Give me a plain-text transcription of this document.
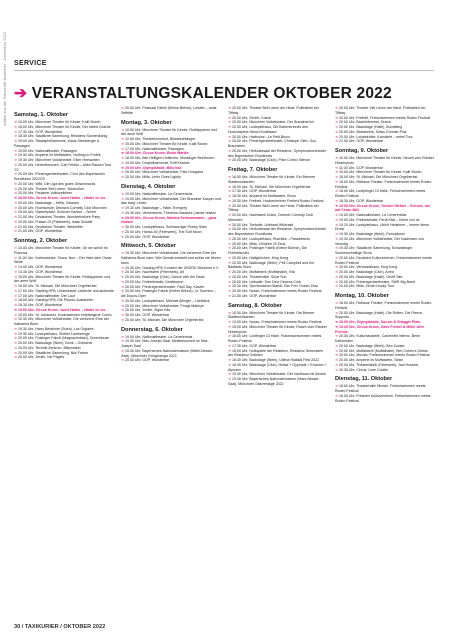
Artikel aus der Zeitschrift Taxikurier - Dezember 2022	SERVICE
➔ VERANSTALTUNGSKALENDER OKTOBER 2022
Samstag, 1. Oktober
➔ 10.00 Uhr, Münchner Theater für Kinder, Kalif Storch
➔ 15.00 Uhr, Münchner Theater für Kinder, Der kleine Drache
➔ 17.30 Uhr, GOP, Wunderbar
➔ 18.30 Uhr, Staatliche Sammlung, Residenz Sonnenkönig
➔ 19.00 Uhr, Staatsphilharmonie, Klaus Steinberger & Passagen
➔ 19.00 Uhr, Nationaltheater, Passagen
➔ 19.30 Uhr, Amperie im Muffatwerk, Nothing to Forfeit
➔ 19.30 Uhr, Münchner Volkstheater, Eiker Heesamen
➔ 20.00 Uhr, Herbstbrunnen, Carl Febbio – Alles Rausch Tour '22
➔ 20.00 Uhr, Prinzregententheater, Chor des Bayerischen Rundfunks 2022/23
➔ 20.00 Uhr, Wild, Die Liga des guten Geschmacks
➔ 20.00 Uhr, Theater Bell Lemm: Schmoßen
➔ 20.00 Uhr, Paulaner Volkszeltchen
➔ 20.00 Uhr, Circus Krone, Josef Hader – Hader on Ice
➔ 20.00 Uhr, Backstage – Hella, Glossen
➔ 20.00 Uhr, Hochschule, Deutsch-Cornelly Club München
➔ 20.00 Uhr, Gärtnerplatz, Schöner Kanton – Schrei
➔ 21.00 Uhr, Deutsches Theater, Wonderfunkleir Party
➔ 19.00 Uhr, Prasso 23 (Platzwerk), Isaar Schalle
➔ 21.00 Uhr, Deutsches Theater, Wedekfler
➔ 21.00 Uhr, GOP, Wunderbar
Sonntag, 2. Oktober
➔ 10.00 Uhr, Münchner Theater für Kinder, Ob wir schön ist Pranova
➔ 11.00 Uhr, Vorlesestube, Tosca: Nun – Der Hant dem Oscar Wilde
➔ 14.00 Uhr, GOP, Wunderbar
➔ 14.30 Uhr, GOP, Wunderbar
➔ 15.00 Uhr, Münchner Theater für Kinder, Rotkäppchen und der arme Wolf
➔ 16.00 Uhr, St. Michael, Die Münchner Orgelherbst
➔ 17.00 Uhr, Gasteig HP8, Lindenstadt: Liebliche und lachende
➔ 17.00 Uhr, Nationaltheater, Der Lauf
➔ 18.00 Uhr, Gasteig HP8, Die Piccolo-Ausfahrten
➔ 18.30 Uhr, GOP, Wunderbar
➔ 19.00 Uhr, Circus Krone, Josef Hader – Hader on Ice
➔ 19.00 Uhr, St. Johannes, Kontrasensen empfangene Comic
➔ 19.30 Uhr, Münchner Volkstheater, Die verlorene Ehre der Katharina Blum
➔ 19.30 Uhr, Harry Belafonte (Sutra), Los Orgiales
➔ 19.30 Uhr, Lustspielhaus, Sheller Lamberinge
➔ 20.00 Uhr, Postinger Fabrik (Magnanimitaet), Greenhouse
➔ 20.00 Uhr, Backstage (Werk), Bonk – Gotischer
➔ 20.00 Uhr, Technik Zentrum, Bilkenstein
➔ 20.00 Uhr, Staatliche Sammlung, Nils Frahm
➔ 20.00 Uhr, Zenith, Nic Pagels
➔ 20.00 Uhr, Postsaal Fabrik (Kleine Bühne), Lufsiter – ande Selfritte
Montag, 3. Oktober
➔ 10.00 Uhr, Münchner Theater für Kinder, Rotkäppchen und der arme Wolf
➔ 12.00 Uhr, Theaterinnenhof, Billardschlaeger
➔ 15.00 Uhr, Münchner Theater für Kinder, Kalif Storch
➔ 17.00 Uhr, Nationaltheater, Passagen
➔ 18.00 Uhr, Circus Krone, Bodo Wartke
➔ 18.00 Uhr, Alte Heiligen-Hofkirche, Mossinger Beethoven
➔ 19.00 Uhr, Dorphilharmonie, Eriff Köstner
➔ 20.00 Uhr, Olympiahalle, Billy Idol
➔ 20.00 Uhr, Münchner Volkstheater, Fats Hoagcine
➔ 20.00 Uhr, Milla, Levin Goes Lightly
Dienstag, 4. Oktober
➔ 19.00 Uhr, Nationaltheater, La Cenerentola
➔ 19.00 Uhr, Münchner Volkstheater, Der Brandner Kasper und das ewig' Leben
➔ 19.30 Uhr, Backstage – Halle, Evergrey
➔ 19.30 Uhr, Vereinsheim, Theresia Sastarez (Jamer realize
➔ 20.00 Uhr, Circus Krone, Martina Schwarzmann – ganz einfach
➔ 20.00 Uhr, Lustspielhaus, Schwarzriger Poetry Slam
➔ 20.00 Uhr, Hansa 39 (Feierwerk), The Soft Moon
➔ 20.00 Uhr, GOP, Wunderbar
Mittwoch, 5. Oktober
➔ 19.30 Uhr, Münchner Volkstheater, Die verlorene Ehre der Katharina Blum oder: Wie Gewalt entsteht und wohin sie führen kann
➔ 19.30 Uhr, Gasteig HP8, Konzert der GEDOK München e.V.
➔ 20.00 Uhr, Nachtwerk (Feierwerk), Alt
➔ 20.00 Uhr, Backstage (Club), Dance with the Dead
➔ 20.00 Uhr, Freiheitshalle, Deaflaveon
➔ 20.00 Uhr, Prinzregententheater, Fazil Say, Klavier
➔ 20.00 Uhr, Postinger Fabrik (Kleine Bühne), Le Tourneur – die Dopos-Oper
➔ 20.00 Uhr, Lustspielhaus, Michael Altinger – Lichtblick
➔ 20.00 Uhr, Münchner Volkstheater, Pongs Makeye
➔ 20.00 Uhr, Zenith, Sigue Kits
➔ 20.00 Uhr, GOP, Wunderbar
➔ 20.00 Uhr, St. Michael, Die Münchner Orgelherbst
Donnerstag, 6. Oktober
➔ 19.00 Uhr, Nationaltheater, La Cenerentola
➔ 19.30 Uhr, Max-Joseph-Saal, Meisterkonzert im Max-Joseph-Saal
➔ 19.30 Uhr, Bayerisches Nationalmuseum (Mittel-Nessel-Saal), Münchner Gringoranga 2022
➔ 20.00 Uhr, GOP, Wunderbar
➔ 20.00 Uhr, Theater Bell Lemm am Hetzt, Politrabish bei Tiffany
➔ 20.00 Uhr, Zenith, Dueck
➔ 20.00 Uhr, Münchner Volkstheater, Der Brandnerhof
➔ 20.00 Uhr, Lustspielhaus, Die Babenerinnes des Hochstaplers Heinzi Kudbisard
➔ 20.00 Uhr, Harbouse, „Le Petit Bisou
➔ 20.00 Uhr, Prinzregententheater, Christoph Sieh, Guy Braunstein
➔ 20.00 Uhr, Herkulessaal der Residenz, Symphonieorchester des Bayerischen Rundfunks
➔ 20.00 Uhr, Backstage (Club), Pixie Corino Silence
Freitag, 7. Oktober
➔ 16.00 Uhr, Münchner Theater für Kinder, Ein Brenner Stadtmusikanten
➔ 16.00 Uhr, St. Michael, Die Münchner Orgelherbst
➔ 17.30 Uhr, GOP, Wunderbar
➔ 18.30 Uhr, Amperie im Muffatwerk, Bona
➔ 19.30 Uhr, Freiheit, Hockenheimer Freiheit Rodeo Festival
➔ 20.00 Uhr, Theater Bell Lemm am Hetzt, Politrabish bei Tiffany
➔ 20.00 Uhr, Nachtwerk Kultur, Doeboh Comedy Club München
➔ 20.00 Uhr, Tonhalle, Lillebard Whitcastl
➔ 20.00 Uhr, Herkulessaal der Residenz, Symphonieorchester des Bayerischen Rundfunks
➔ 20.00 Uhr, Lustspielhaus, Ruenliks – Paradiesmix
➔ 20.00 Uhr, Milla, Children Of Zeus
➔ 20.00 Uhr, Postinger Fabrik (Kleine Bühne), Die Freiheitsrufer
➔ 20.00 Uhr, Haltigkirchen, King Kong
➔ 20.00 Uhr, Backstage (Werk), Phil Campbell and the Bastards Sons
➔ 20.00 Uhr, Muffatwerk (Muffathalle), Elsi
➔ 20.00 Uhr, Theaterhalle, Solar Sun
➔ 20.00 Uhr, Lüttsalle, Tom Devi Cinema Club
➔ 20.30 Uhr, Sportmuseum Mandl, Dev Frei: Doesn Zeal
➔ 20.30 Uhr, Nosso, Freischwimmen meets Rodeo Festival
➔ 21.00 Uhr, GOP, Wunderbar
Samstag, 8. Oktober
➔ 10.00 Uhr, Münchner Theater für Kinder, Die Bremer Stadtmusikanten
➔ 13.00 Uhr, Nosso, Freischwimmen meets Rodeo Festival
➔ 15.00 Uhr, Münchner Theater für Kinder, Rosen vom Räuber Hotzenplotz
➔ 16.00 Uhr, Lustfinger 13 Halle, Frakenschwimmen meets Rodeo Festival
➔ 17.30 Uhr, GOP, Wunderbar
➔ 18.00 Uhr, Hofkapelle der Residenz, Residenz Serenaden der Residenz-Solisten
➔ 18.30 Uhr, Backstage (Werk), Ultima Radikal Fest 2022
➔ 18.45 Uhr, Backstage (Club), Helsia + Gyptoids + Excision + Alpinem
➔ 19.30 Uhr, Münchner Volkstheater, Der kaufhaus mit Ikkoba
➔ 19.30 Uhr, Bayerisches Nationalmuseum (Mars-Nessel-Saal), Münchner Gitarrentage 2022
➔ 20.00 Uhr, Theater Viel Lieme am Hetzt, Politrabish bei Tiffany
➔ 20.00 Uhr, Freiheit, Freischwimmen meets Rodeo Festival
➔ 20.00 Uhr, Bachliefereher, Dueck
➔ 20.00 Uhr, Backstage (Halle), Bumetting
➔ 20.00 Uhr, Muttatwerk, Swiss Gunmer Plus
➔ 20.00 Uhr, Lokalsträhle, Kanulinfe – nebel Tour
➔ 21.00 Uhr, GOP, Wunderbar
Sonntag, 9. Oktober
➔ 10.00 Uhr, Münchner Theater für Kinder, Neues vom Räuber Hotzenplotz
➔ 11.00 Uhr, GOP, Wunderbar
➔ 15.00 Uhr, Münchner Theater für Kinder, Kalif Storch
➔ 16.00 Uhr, St. Michael, Die Münchner Orgelherbst
➔ 16.00 Uhr, Rathaus Theater, Freischwimmen meets Rodeo Festival
➔ 18.00 Uhr, Lustpfinger 13 Halle, Freischwimmen meets Rodeo Festival
➔ 18.30 Uhr, GOP, Wunderbar
➔ 19.00 Uhr, Circus Krone, Torsten Sträter – Schnee, der auf Ceran fällt
➔ 19.00 Uhr, Nationaltheater, La Cenerentola
➔ 19.00 Uhr, Freiheitshalle, Ferdi Klist – Klebe von vir
➔ 19.20 Uhr, Lustspielhaus, Ulrich Hedelmer – Immer diese Druck
➔ 19.30 Uhr, Backstage (Werk), Panopticum
➔ 19.30 Uhr, Münchner Volkstheater, Der Kaufmann von Venedig
➔ 19.30 Uhr, Staatliche Sammlung, Schwabinger Sonnenschnitlige Show
➔ 20.00 Uhr, Deutsche Kulturzentrum, Freischwimmen meets Rodeo Festival
➔ 20.00 Uhr, Verbandshaus, King Kong
➔ 20.00 Uhr, Backstage (Club), Arrea
➔ 20.00 Uhr, Backstage (Halle), Geoff Tate
➔ 20.00 Uhr, Prinzregententheater, SWR Big Band
➔ 20.00 Uhr, Milla, Zench Husky Tour
Montag, 10. Oktober
➔ 18.00 Uhr, Rathaus Theater, Freischwimmen meets Rodeo Festival
➔ 20.00 Uhr, Backstage (Halle), Die Rotten, Die Fleece-Supports
➔ 20.00 Uhr, Olympiahalle, Sunset & Shaggie Plats
➔ 19.30 Uhr, Circus Krone, Dave Freisel & Miller with Friends
➔ 20.30 Uhr, Kulturbaustelle, Canlemfitt Inferno, Bene Kathnmann
➔ 20.00 Uhr, Backstage (Werk), Ben Zucker
➔ 20.00 Uhr, Muffatwerk (Muffathalle), Ben Cohen's Giesta
➔ 20.00 Uhr, Mucias, Freischwimmen meets Rodeo Festival
➔ 20.00 Uhr, Amperie im Muffatwerk, Sirkin
➔ 20.00 Uhr, Theaterfabrik (Feierwerk), Jani Hussein
➔ 20.30 Uhr, Circus, Lime Cooltie
Dienstag, 11. Oktober
➔ 18.00 Uhr, Theaterhalle Nivedo, Freischwimmen meets Rodeo Festival
➔ 18.00 Uhr, Freistein Kulturzentrum, Freischwimmen meets Rodeo Festival
30 / TAXIKURIER / OKTOBER 2022
